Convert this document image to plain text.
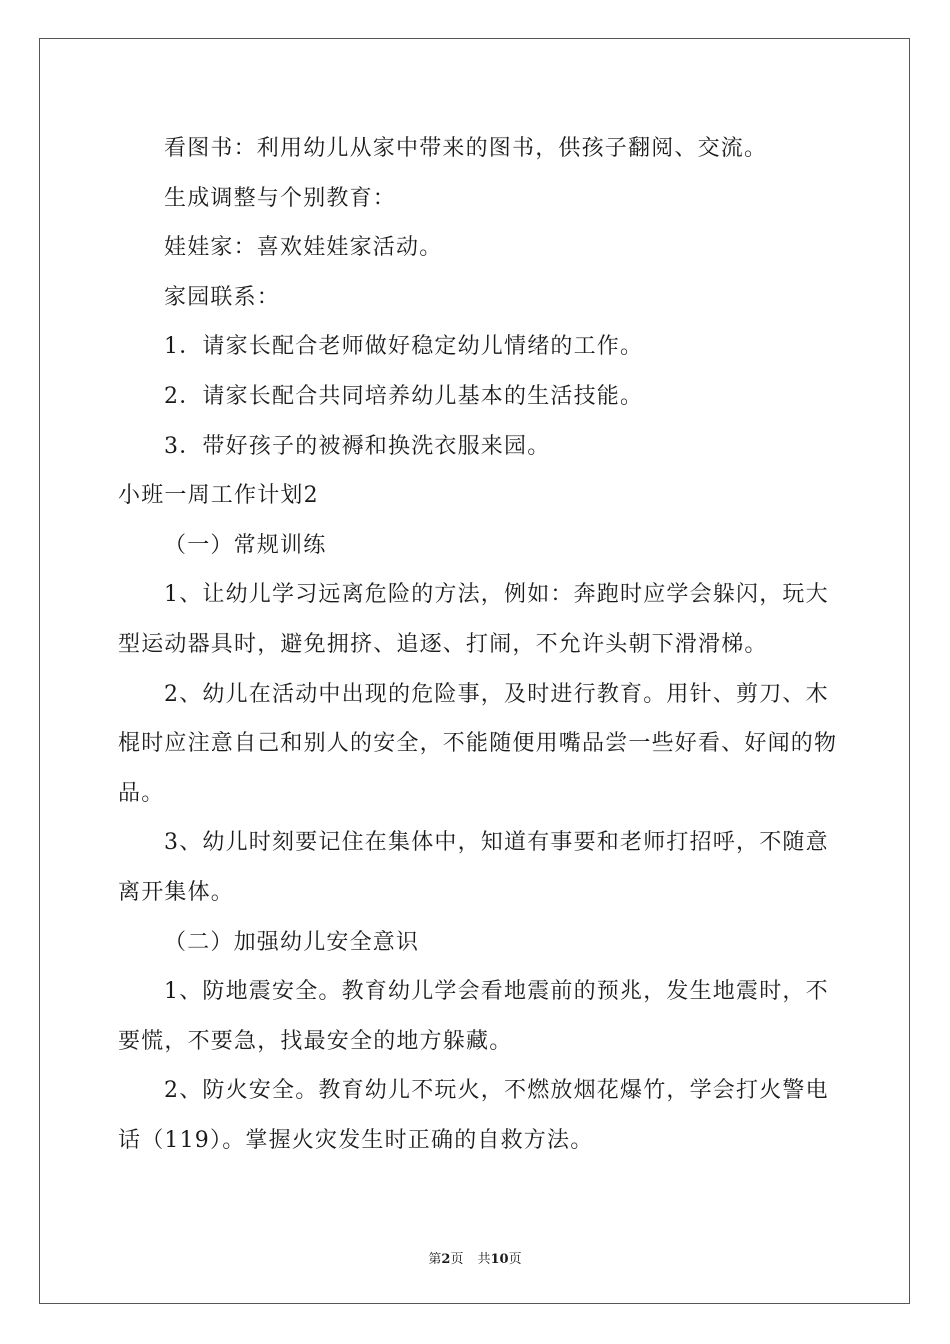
看图书：利用幼儿从家中带来的图书，供孩子翻阅、交流。

生成调整与个别教育：

娃娃家：喜欢娃娃家活动。

家园联系：

1．请家长配合老师做好稳定幼儿情绪的工作。

2．请家长配合共同培养幼儿基本的生活技能。

3．带好孩子的被褥和换洗衣服来园。

小班一周工作计划2

（一）常规训练

1、让幼儿学习远离危险的方法，例如：奔跑时应学会躲闪，玩大型运动器具时，避免拥挤、追逐、打闹，不允许头朝下滑滑梯。

2、幼儿在活动中出现的危险事，及时进行教育。用针、剪刀、木棍时应注意自己和别人的安全，不能随便用嘴品尝一些好看、好闻的物品。

3、幼儿时刻要记住在集体中，知道有事要和老师打招呼，不随意离开集体。

（二）加强幼儿安全意识

1、防地震安全。教育幼儿学会看地震前的预兆，发生地震时，不要慌，不要急，找最安全的地方躲藏。

2、防火安全。教育幼儿不玩火，不燃放烟花爆竹，学会打火警电话（119）。掌握火灾发生时正确的自救方法。

第2页 共10页
